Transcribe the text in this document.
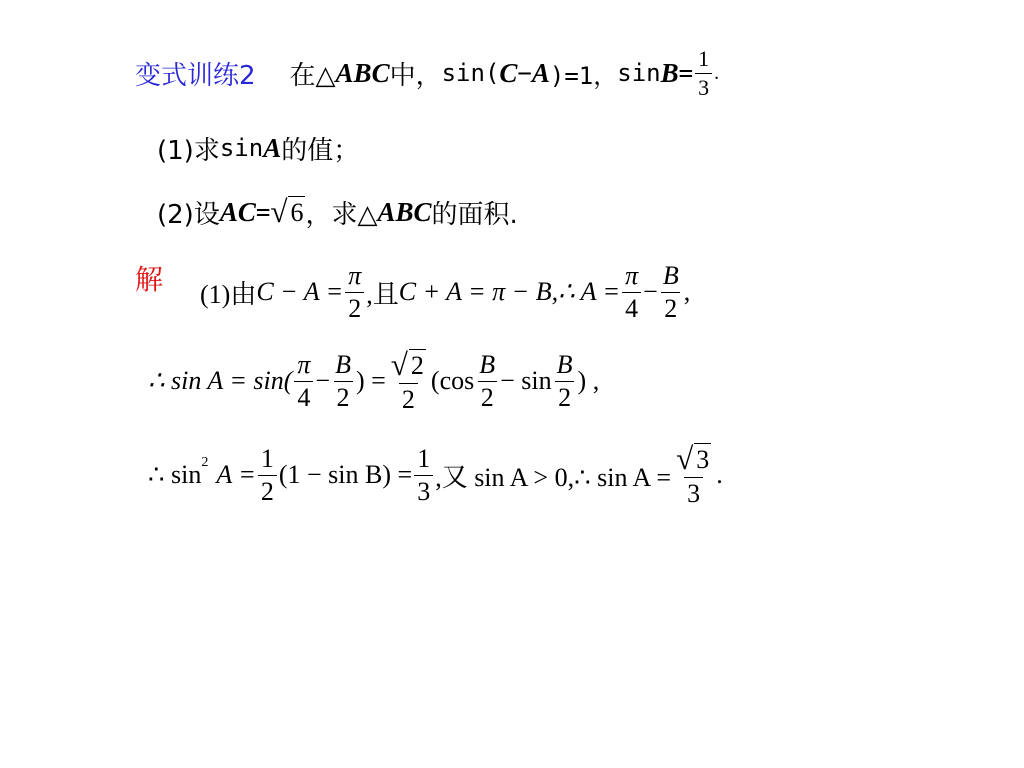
变式训练2 在△ ABC 中， sin ( C − A )=1， $\sin B = \frac{1}{3}$ .
(1)求 sin A 的值；
(2)设 AC = √ 6 ，求△ ABC 的面积.
解 (1)由 $C - A = \frac{\pi}{2}$ ,且 C + A = π − B,∴ $A = \frac{\pi}{4} - \frac{B}{2}$ ,
∴ $\sin A = \sin( \frac{\pi}{4} - \frac{B}{2}$ ) = $\frac{√ 2}{2} (\cos \frac{B}{2} - \sin \frac{B}{2}$ ) ,
∴ $\sin^2 A = \frac{1}{2} (1 - \sin B) = \frac{1}{3}$ ,又 sin A > 0,∴ $\sin A = \frac{√ 3}{3}$ .
